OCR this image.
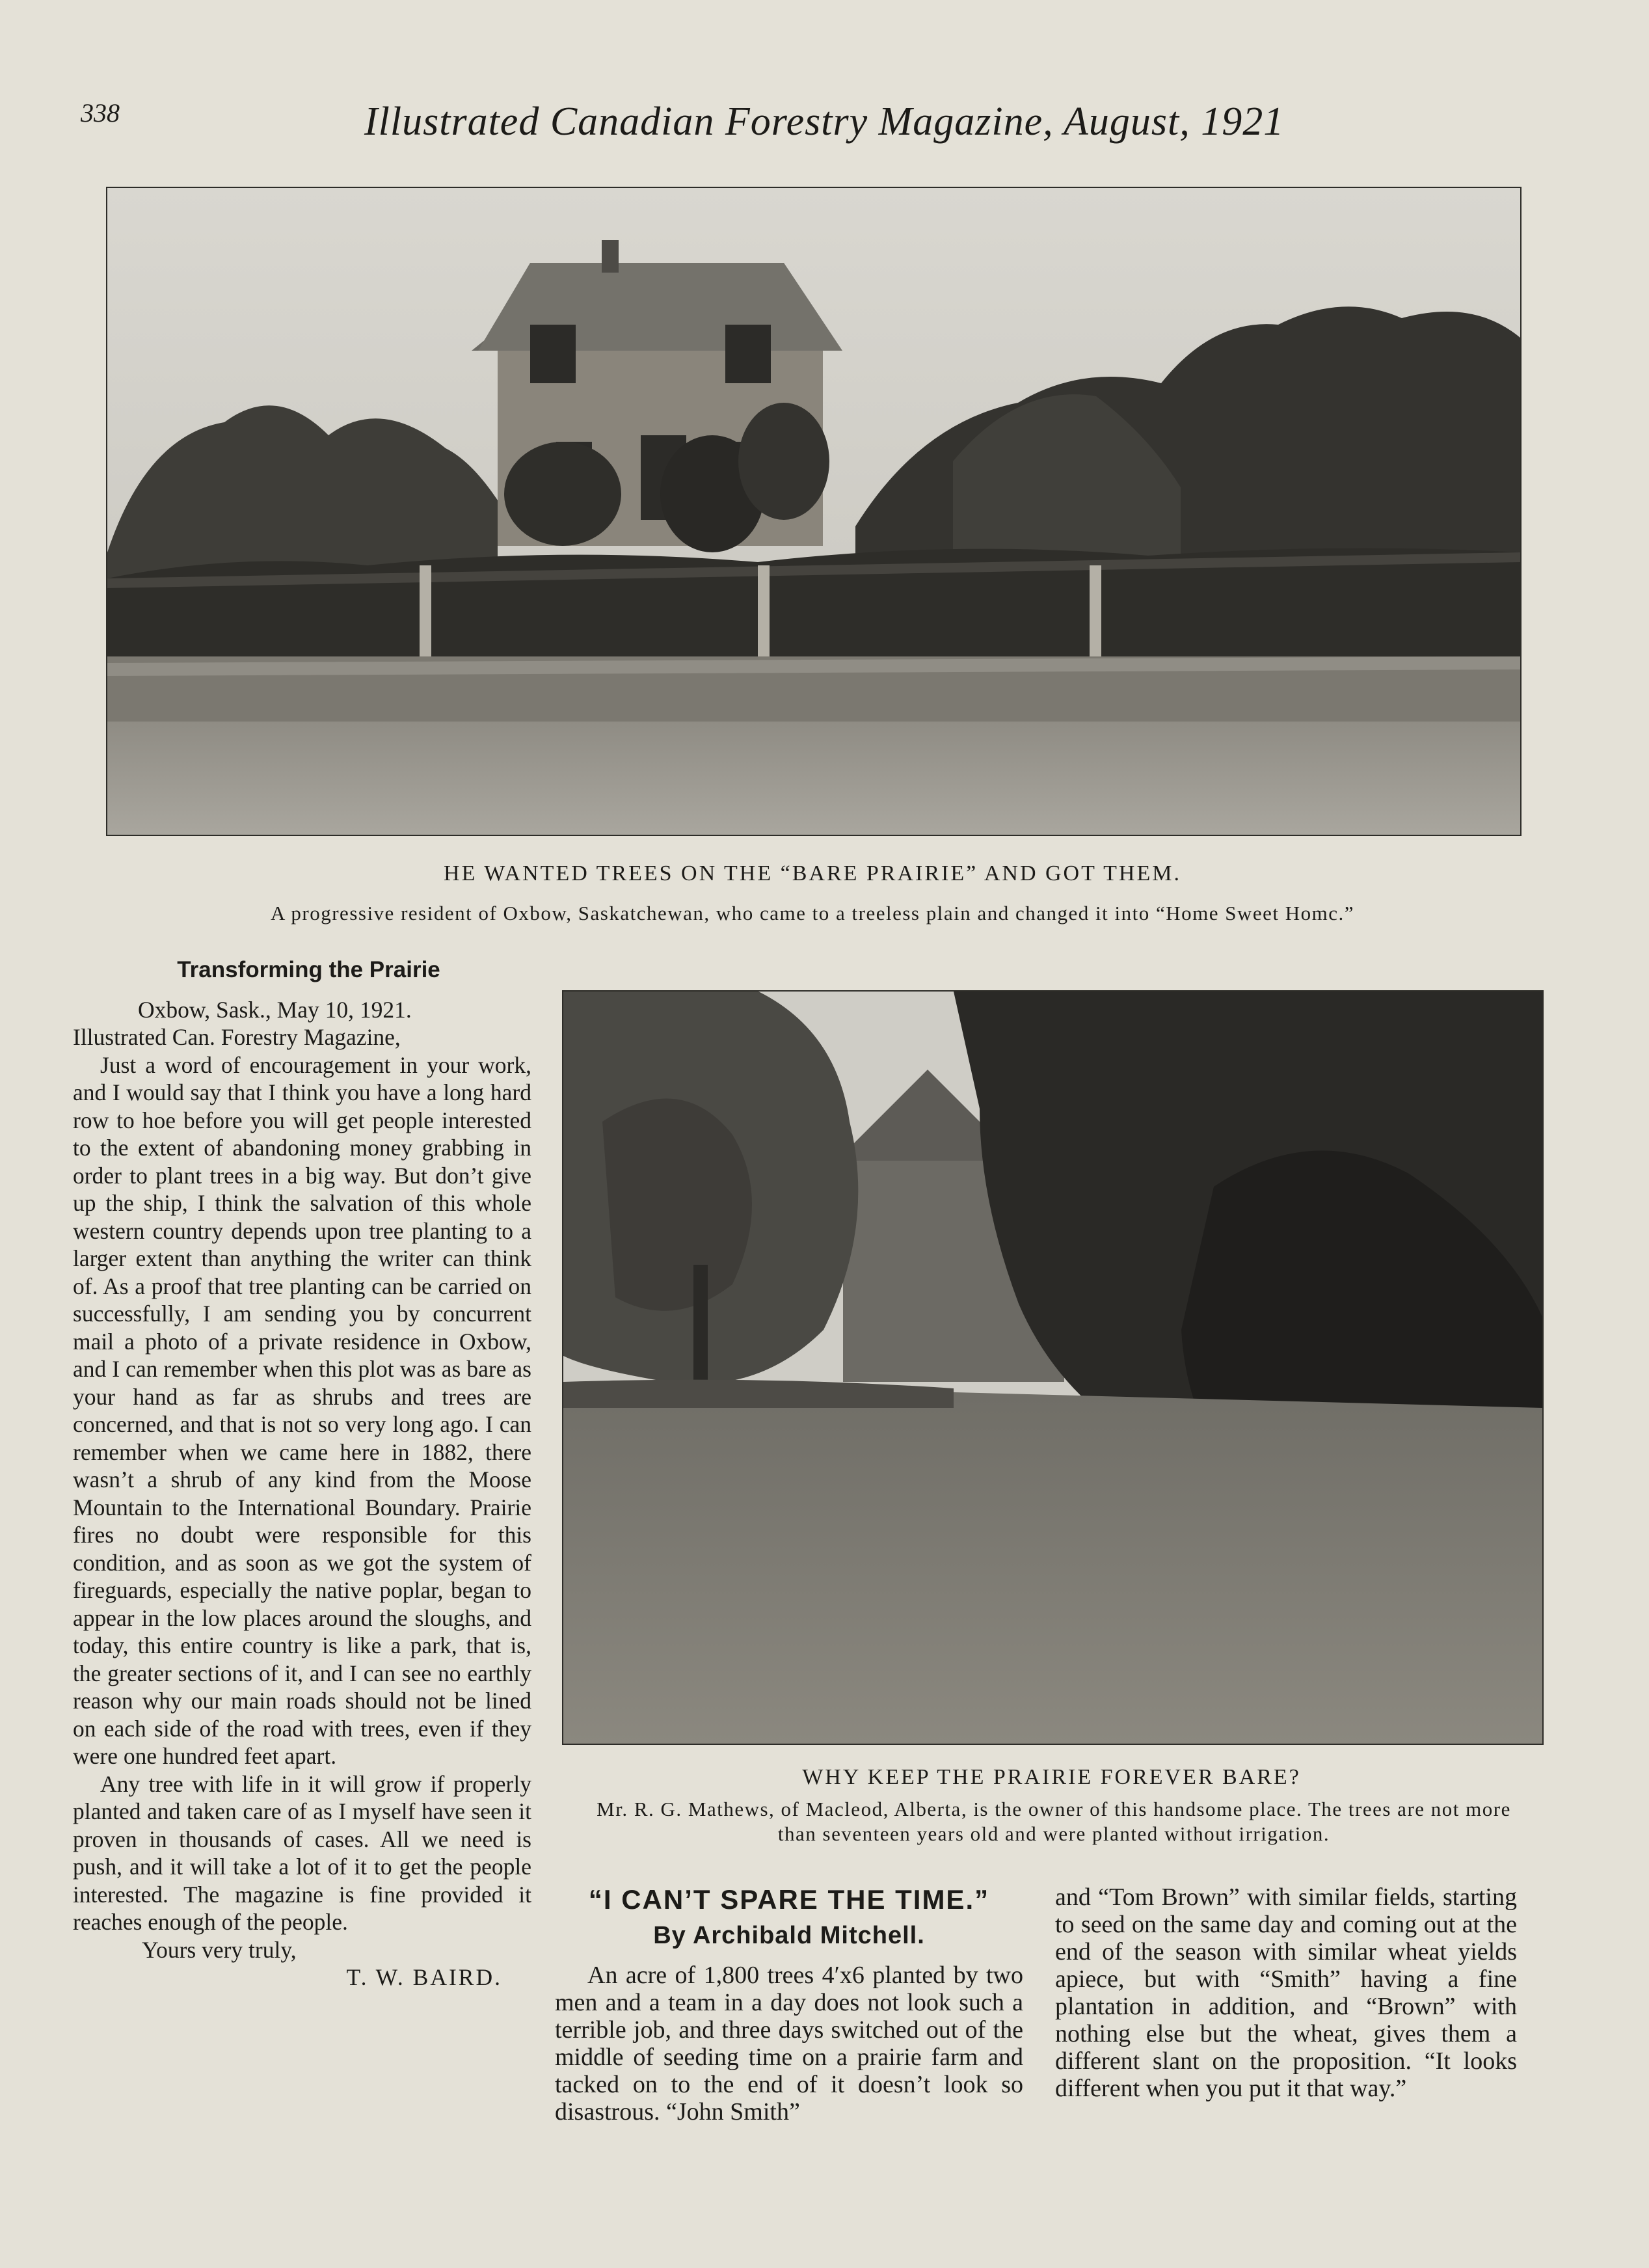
338	Illustrated Canadian Forestry Magazine, August, 1921
HE WANTED TREES ON THE “BARE PRAIRIE” AND GOT THEM.
A progressive resident of Oxbow, Saskatchewan, who came to a treeless plain and changed it into “Home Sweet Homc.”
WHY KEEP THE PRAIRIE FOREVER BARE?
Mr. R. G. Mathews, of Macleod, Alberta, is the owner of this handsome place. The trees are not more than seventeen years old and were planted without irrigation.
Transforming the Prairie
Oxbow, Sask., May 10, 1921.
Illustrated Can. Forestry Magazine,

Just a word of encouragement in your work, and I would say that I think you have a long hard row to hoe before you will get people interested to the extent of abandoning money grabbing in order to plant trees in a big way. But don’t give up the ship, I think the salvation of this whole western country depends upon tree planting to a larger extent than anything the writer can think of. As a proof that tree planting can be carried on successfully, I am sending you by concurrent mail a photo of a private residence in Oxbow, and I can remember when this plot was as bare as your hand as far as shrubs and trees are concerned, and that is not so very long ago. I can remember when we came here in 1882, there wasn’t a shrub of any kind from the Moose Mountain to the International Boundary. Prairie fires no doubt were responsible for this condition, and as soon as we got the system of fireguards, especially the native poplar, began to appear in the low places around the sloughs, and today, this entire country is like a park, that is, the greater sections of it, and I can see no earthly reason why our main roads should not be lined on each side of the road with trees, even if they were one hundred feet apart.

Any tree with life in it will grow if properly planted and taken care of as I myself have seen it proven in thousands of cases. All we need is push, and it will take a lot of it to get the people interested. The magazine is fine provided it reaches enough of the people.

Yours very truly,
T. W. BAIRD.
“I CAN’T SPARE THE TIME.”
By Archibald Mitchell.

An acre of 1,800 trees 4′x6 planted by two men and a team in a day does not look such a terrible job, and three days switched out of the middle of seeding time on a prairie farm and tacked on to the end of it doesn’t look so disastrous. “John Smith”

and “Tom Brown” with similar fields, starting to seed on the same day and coming out at the end of the season with similar wheat yields apiece, but with “Smith” having a fine plantation in addition, and “Brown” with nothing else but the wheat, gives them a different slant on the proposition. “It looks different when you put it that way.”
